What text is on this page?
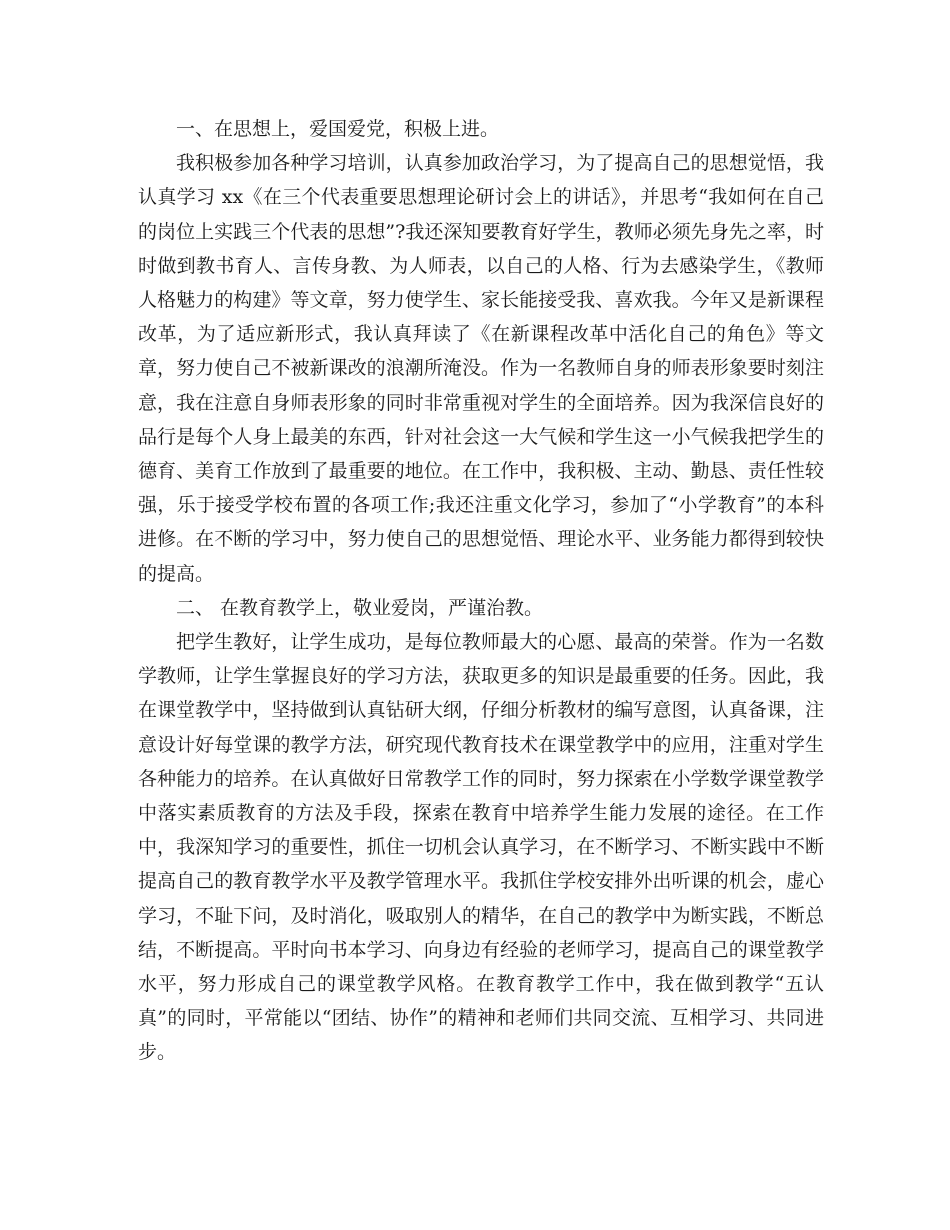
一、在思想上，爱国爱党，积极上进。

我积极参加各种学习培训，认真参加政治学习，为了提高自己的思想觉悟，我认真学习 xx《在三个代表重要思想理论研讨会上的讲话》，并思考“我如何在自己的岗位上实践三个代表的思想”?我还深知要教育好学生，教师必须先身先之率，时时做到教书育人、言传身教、为人师表，以自己的人格、行为去感染学生，《教师人格魅力的构建》等文章，努力使学生、家长能接受我、喜欢我。今年又是新课程改革，为了适应新形式，我认真拜读了《在新课程改革中活化自己的角色》等文章，努力使自己不被新课改的浪潮所淹没。作为一名教师自身的师表形象要时刻注意，我在注意自身师表形象的同时非常重视对学生的全面培养。因为我深信良好的品行是每个人身上最美的东西，针对社会这一大气候和学生这一小气候我把学生的德育、美育工作放到了最重要的地位。在工作中，我积极、主动、勤恳、责任性较强，乐于接受学校布置的各项工作;我还注重文化学习，参加了“小学教育”的本科进修。在不断的学习中，努力使自己的思想觉悟、理论水平、业务能力都得到较快的提高。

二、 在教育教学上，敬业爱岗，严谨治教。

把学生教好，让学生成功，是每位教师最大的心愿、最高的荣誉。作为一名数学教师，让学生掌握良好的学习方法，获取更多的知识是最重要的任务。因此，我在课堂教学中，坚持做到认真钻研大纲，仔细分析教材的编写意图，认真备课，注意设计好每堂课的教学方法，研究现代教育技术在课堂教学中的应用，注重对学生各种能力的培养。在认真做好日常教学工作的同时，努力探索在小学数学课堂教学中落实素质教育的方法及手段，探索在教育中培养学生能力发展的途径。在工作中，我深知学习的重要性，抓住一切机会认真学习，在不断学习、不断实践中不断提高自己的教育教学水平及教学管理水平。我抓住学校安排外出听课的机会，虚心学习，不耻下问，及时消化，吸取别人的精华，在自己的教学中为断实践，不断总结，不断提高。平时向书本学习、向身边有经验的老师学习，提高自己的课堂教学水平，努力形成自己的课堂教学风格。在教育教学工作中，我在做到教学“五认真”的同时，平常能以“团结、协作”的精神和老师们共同交流、互相学习、共同进步。
